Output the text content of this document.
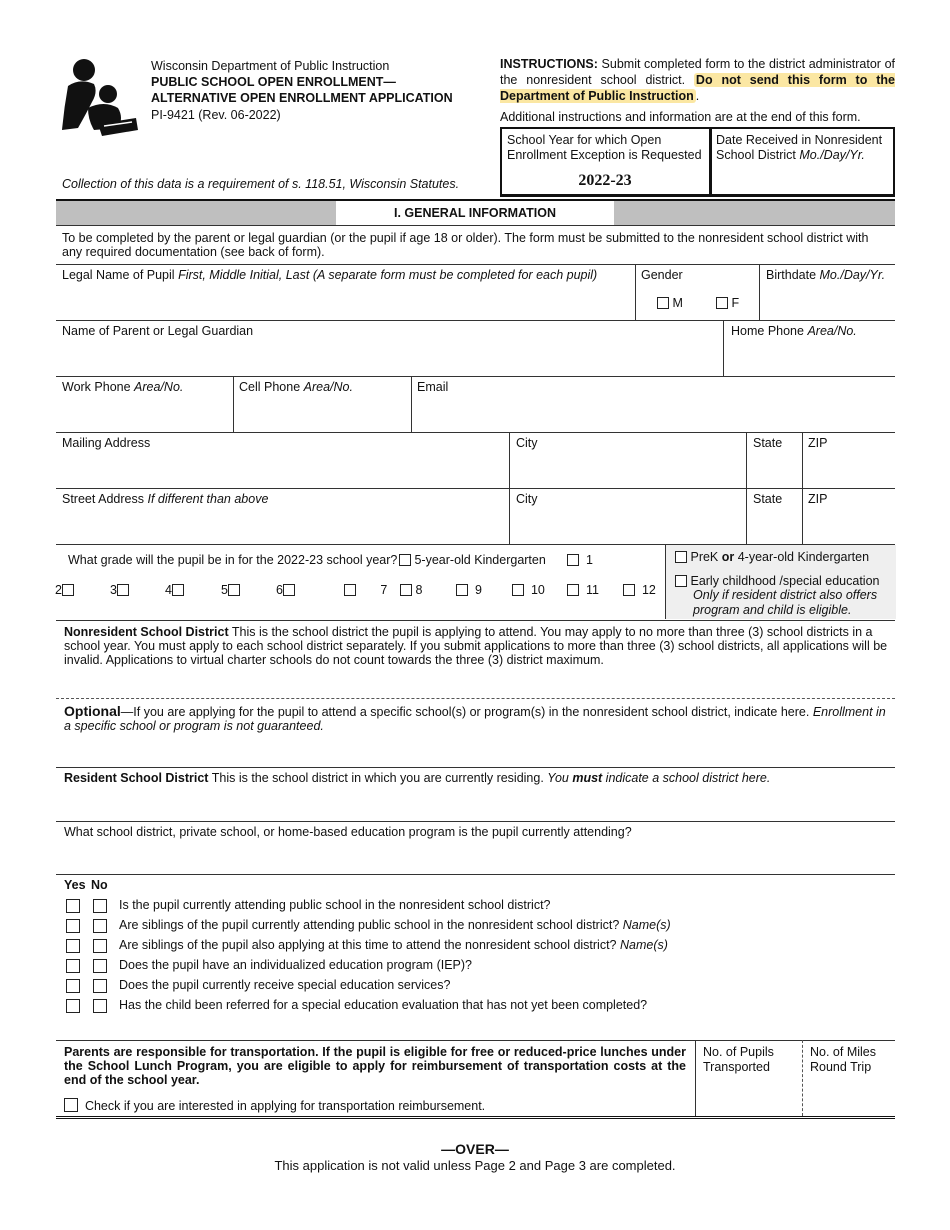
Wisconsin Department of Public Instruction
PUBLIC SCHOOL OPEN ENROLLMENT—
ALTERNATIVE OPEN ENROLLMENT APPLICATION
PI-9421 (Rev. 06-2022)
Collection of this data is a requirement of s. 118.51, Wisconsin Statutes.
INSTRUCTIONS: Submit completed form to the district administrator of the nonresident school district. Do not send this form to the Department of Public Instruction .
Additional instructions and information are at the end of this form.
School Year for which Open Enrollment Exception is Requested
2022-23
Date Received in Nonresident School District Mo./Day/Yr.
I. GENERAL INFORMATION
To be completed by the parent or legal guardian (or the pupil if age 18 or older). The form must be submitted to the nonresident school district with any required documentation (see back of form).
Legal Name of Pupil First, Middle Initial, Last (A separate form must be completed for each pupil)	Gender
M	F
Birthdate Mo./Day/Yr.
Name of Parent or Legal Guardian	Home Phone Area/No.
Work Phone Area/No.	Cell Phone Area/No.	Email
Mailing Address	City	State ZIP
Street Address If different than above	City	State ZIP
What grade will the pupil be in for the 2022-23 school year?	5-year-old Kindergarten	1
2	3	4	5	6	7	8	9	10	11	12
PreK or 4-year-old Kindergarten
Early childhood /special education
Only if resident district also offers program and child is eligible.
Nonresident School District This is the school district the pupil is applying to attend. You may apply to no more than three (3) school districts in a school year. You must apply to each school district separately. If you submit applications to more than three (3) school districts, all applications will be invalid. Applications to virtual charter schools do not count towards the three (3) district maximum.
Optional—If you are applying for the pupil to attend a specific school(s) or program(s) in the nonresident school district, indicate here. Enrollment in a specific school or program is not guaranteed.
Resident School District This is the school district in which you are currently residing. You must indicate a school district here.
What school district, private school, or home-based education program is the pupil currently attending?
Yes No
Is the pupil currently attending public school in the nonresident school district?
Are siblings of the pupil currently attending public school in the nonresident school district? Name(s)
Are siblings of the pupil also applying at this time to attend the nonresident school district? Name(s)
Does the pupil have an individualized education program (IEP)?
Does the pupil currently receive special education services?
Has the child been referred for a special education evaluation that has not yet been completed?
Parents are responsible for transportation. If the pupil is eligible for free or reduced-price lunches under the School Lunch Program, you are eligible to apply for reimbursement of transportation costs at the end of the school year.
Check if you are interested in applying for transportation reimbursement.
No. of Pupils Transported
No. of Miles Round Trip
—OVER—
This application is not valid unless Page 2 and Page 3 are completed.
